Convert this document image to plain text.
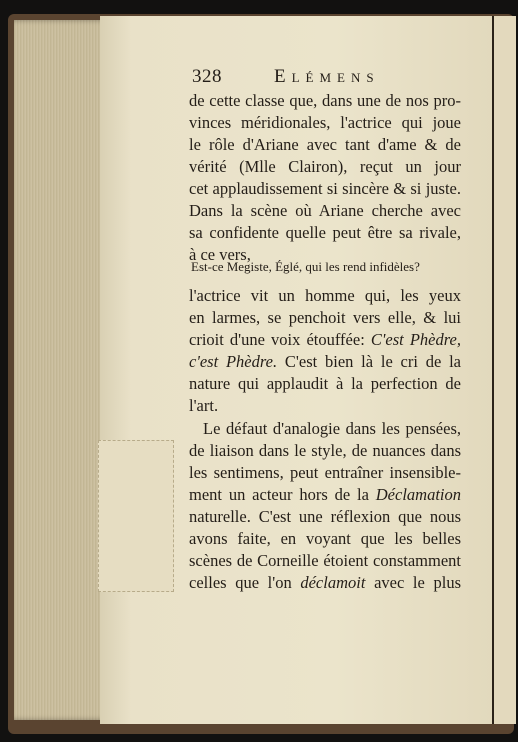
328	Elémens
de cette classe que, dans une de nos pro-
vinces méridionales, l'actrice qui joue
le rôle d'Ariane avec tant d'ame & de
vérité (Mlle Clairon), reçut un jour
cet applaudissement si sincère & si juste.
Dans la scène où Ariane cherche avec
sa confidente quelle peut être sa rivale,
à ce vers,
Est-ce Megiste, Églé, qui les rend infidèles?
l'actrice vit un homme qui, les yeux
en larmes, se penchoit vers elle, & lui
crioit d'une voix étouffée: C'est Phèdre,
c'est Phèdre. C'est bien là le cri de la
nature qui applaudit à la perfection de
l'art.
Le défaut d'analogie dans les pensées,
de liaison dans le style, de nuances dans
les sentimens, peut entraîner insensible-
ment un acteur hors de la Déclamation
naturelle. C'est une réflexion que nous
avons faite, en voyant que les belles
scènes de Corneille étoient constamment
celles que l'on déclamoit avec le plus
